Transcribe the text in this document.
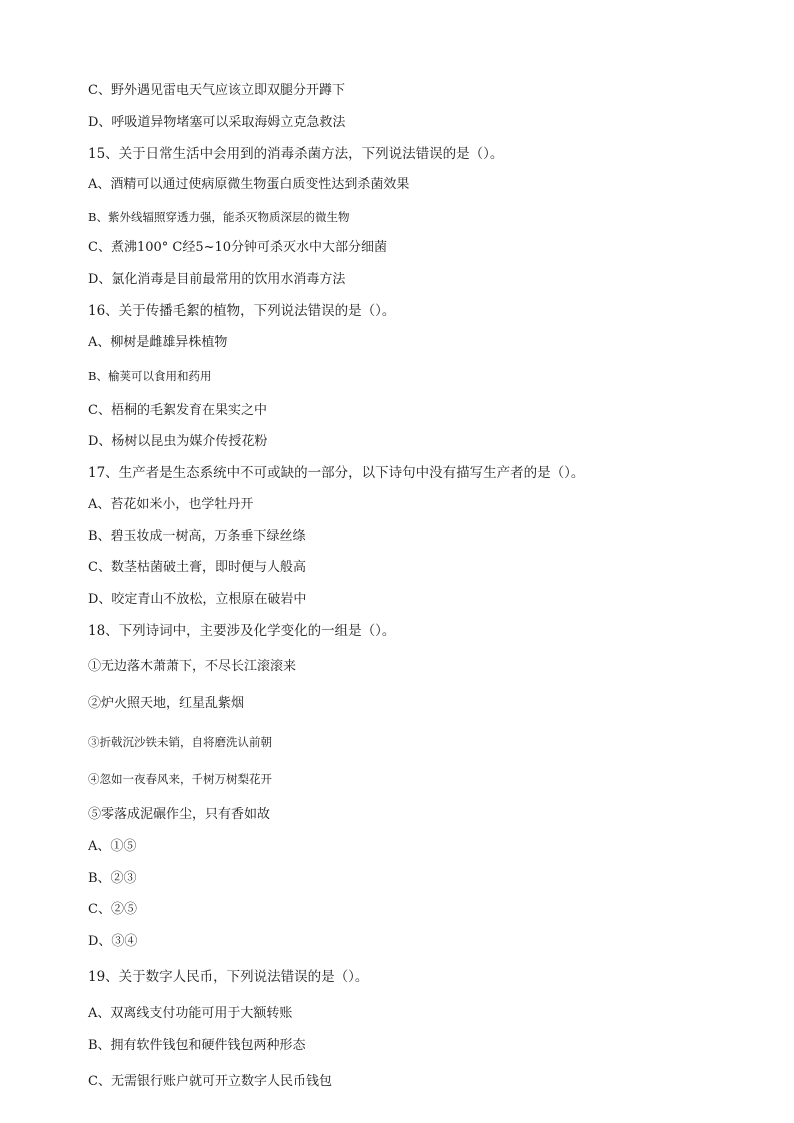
C、野外遇见雷电天气应该立即双腿分开蹲下
D、呼吸道异物堵塞可以采取海姆立克急救法
15、关于日常生活中会用到的消毒杀菌方法，下列说法错误的是（）。
A、酒精可以通过使病原微生物蛋白质变性达到杀菌效果
B、紫外线辐照穿透力强，能杀灭物质深层的微生物
C、煮沸100° C经5~10分钟可杀灭水中大部分细菌
D、氯化消毒是目前最常用的饮用水消毒方法
16、关于传播毛絮的植物，下列说法错误的是（）。
A、柳树是雌雄异株植物
B、榆荚可以食用和药用
C、梧桐的毛絮发育在果实之中
D、杨树以昆虫为媒介传授花粉
17、生产者是生态系统中不可或缺的一部分，以下诗句中没有描写生产者的是（）。
A、苔花如米小，也学牡丹开
B、碧玉妆成一树高，万条垂下绿丝绦
C、数茎枯菌破土膏，即时便与人般高
D、咬定青山不放松，立根原在破岩中
18、下列诗词中，主要涉及化学变化的一组是（）。
①无边落木萧萧下，不尽长江滚滚来
②炉火照天地，红星乱紫烟
③折戟沉沙铁未销，自将磨洗认前朝
④忽如一夜春风来，千树万树梨花开
⑤零落成泥碾作尘，只有香如故
A、①⑤
B、②③
C、②⑤
D、③④
19、关于数字人民币，下列说法错误的是（）。
A、双离线支付功能可用于大额转账
B、拥有软件钱包和硬件钱包两种形态
C、无需银行账户就可开立数字人民币钱包
